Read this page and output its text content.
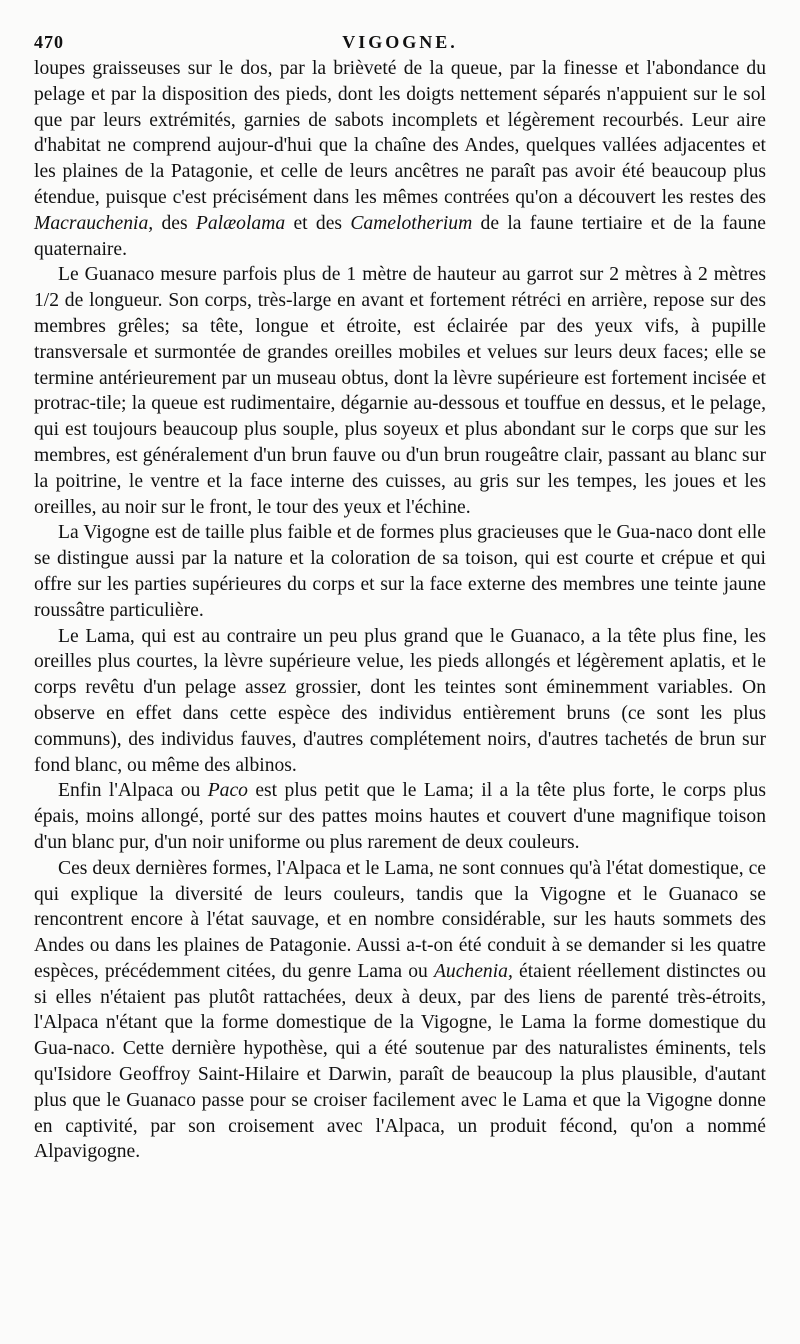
470	VIGOGNE.

loupes graisseuses sur le dos, par la brièveté de la queue, par la finesse et l'abondance du pelage et par la disposition des pieds, dont les doigts nettement séparés n'appuient sur le sol que par leurs extrémités, garnies de sabots incomplets et légèrement recourbés. Leur aire d'habitat ne comprend aujour-d'hui que la chaîne des Andes, quelques vallées adjacentes et les plaines de la Patagonie, et celle de leurs ancêtres ne paraît pas avoir été beaucoup plus étendue, puisque c'est précisément dans les mêmes contrées qu'on a découvert les restes des Macrauchenia, des Palæolama et des Camelotherium de la faune tertiaire et de la faune quaternaire.

Le Guanaco mesure parfois plus de 1 mètre de hauteur au garrot sur 2 mètres à 2 mètres 1/2 de longueur. Son corps, très-large en avant et fortement rétréci en arrière, repose sur des membres grêles; sa tête, longue et étroite, est éclairée par des yeux vifs, à pupille transversale et surmontée de grandes oreilles mobiles et velues sur leurs deux faces; elle se termine antérieurement par un museau obtus, dont la lèvre supérieure est fortement incisée et protrac-tile; la queue est rudimentaire, dégarnie au-dessous et touffue en dessus, et le pelage, qui est toujours beaucoup plus souple, plus soyeux et plus abondant sur le corps que sur les membres, est généralement d'un brun fauve ou d'un brun rougeâtre clair, passant au blanc sur la poitrine, le ventre et la face interne des cuisses, au gris sur les tempes, les joues et les oreilles, au noir sur le front, le tour des yeux et l'échine.

La Vigogne est de taille plus faible et de formes plus gracieuses que le Gua-naco dont elle se distingue aussi par la nature et la coloration de sa toison, qui est courte et crépue et qui offre sur les parties supérieures du corps et sur la face externe des membres une teinte jaune roussâtre particulière.

Le Lama, qui est au contraire un peu plus grand que le Guanaco, a la tête plus fine, les oreilles plus courtes, la lèvre supérieure velue, les pieds allongés et légèrement aplatis, et le corps revêtu d'un pelage assez grossier, dont les teintes sont éminemment variables. On observe en effet dans cette espèce des individus entièrement bruns (ce sont les plus communs), des individus fauves, d'autres complétement noirs, d'autres tachetés de brun sur fond blanc, ou même des albinos.

Enfin l'Alpaca ou Paco est plus petit que le Lama; il a la tête plus forte, le corps plus épais, moins allongé, porté sur des pattes moins hautes et couvert d'une magnifique toison d'un blanc pur, d'un noir uniforme ou plus rarement de deux couleurs.

Ces deux dernières formes, l'Alpaca et le Lama, ne sont connues qu'à l'état domestique, ce qui explique la diversité de leurs couleurs, tandis que la Vigogne et le Guanaco se rencontrent encore à l'état sauvage, et en nombre considérable, sur les hauts sommets des Andes ou dans les plaines de Patagonie. Aussi a-t-on été conduit à se demander si les quatre espèces, précédemment citées, du genre Lama ou Auchenia, étaient réellement distinctes ou si elles n'étaient pas plutôt rattachées, deux à deux, par des liens de parenté très-étroits, l'Alpaca n'étant que la forme domestique de la Vigogne, le Lama la forme domestique du Gua-naco. Cette dernière hypothèse, qui a été soutenue par des naturalistes éminents, tels qu'Isidore Geoffroy Saint-Hilaire et Darwin, paraît de beaucoup la plus plausible, d'autant plus que le Guanaco passe pour se croiser facilement avec le Lama et que la Vigogne donne en captivité, par son croisement avec l'Alpaca, un produit fécond, qu'on a nommé Alpavigogne.
